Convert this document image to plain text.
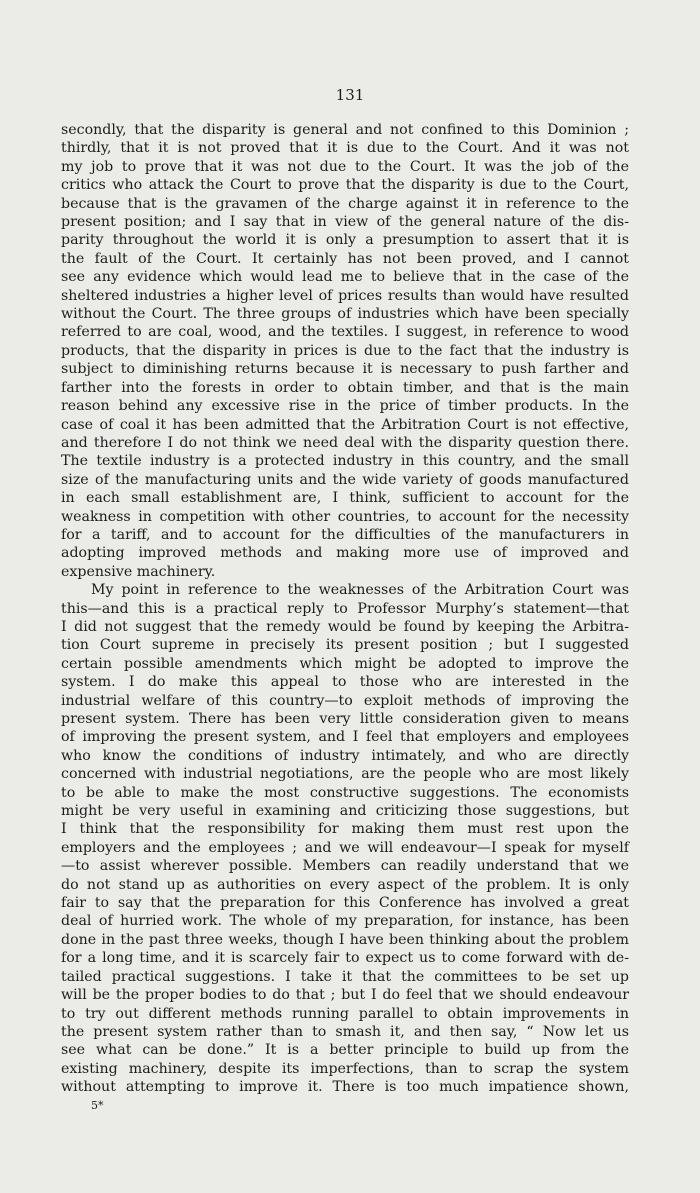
131

secondly, that the disparity is general and not confined to this Dominion ;
thirdly, that it is not proved that it is due to the Court. And it was not
my job to prove that it was not due to the Court. It was the job of the
critics who attack the Court to prove that the disparity is due to the Court,
because that is the gravamen of the charge against it in reference to the
present position; and I say that in view of the general nature of the dis-
parity throughout the world it is only a presumption to assert that it is
the fault of the Court. It certainly has not been proved, and I cannot
see any evidence which would lead me to believe that in the case of the
sheltered industries a higher level of prices results than would have resulted
without the Court. The three groups of industries which have been specially
referred to are coal, wood, and the textiles. I suggest, in reference to wood
products, that the disparity in prices is due to the fact that the industry is
subject to diminishing returns because it is necessary to push farther and
farther into the forests in order to obtain timber, and that is the main
reason behind any excessive rise in the price of timber products. In the
case of coal it has been admitted that the Arbitration Court is not effective,
and therefore I do not think we need deal with the disparity question there.
The textile industry is a protected industry in this country, and the small
size of the manufacturing units and the wide variety of goods manufactured
in each small establishment are, I think, sufficient to account for the
weakness in competition with other countries, to account for the necessity
for a tariff, and to account for the difficulties of the manufacturers in
adopting improved methods and making more use of improved and
expensive machinery.

My point in reference to the weaknesses of the Arbitration Court was
this—and this is a practical reply to Professor Murphy’s statement—that
I did not suggest that the remedy would be found by keeping the Arbitra-
tion Court supreme in precisely its present position ; but I suggested
certain possible amendments which might be adopted to improve the
system. I do make this appeal to those who are interested in the
industrial welfare of this country—to exploit methods of improving the
present system. There has been very little consideration given to means
of improving the present system, and I feel that employers and employees
who know the conditions of industry intimately, and who are directly
concerned with industrial negotiations, are the people who are most likely
to be able to make the most constructive suggestions. The economists
might be very useful in examining and criticizing those suggestions, but
I think that the responsibility for making them must rest upon the
employers and the employees ; and we will endeavour—I speak for myself
—to assist wherever possible. Members can readily understand that we
do not stand up as authorities on every aspect of the problem. It is only
fair to say that the preparation for this Conference has involved a great
deal of hurried work. The whole of my preparation, for instance, has been
done in the past three weeks, though I have been thinking about the problem
for a long time, and it is scarcely fair to expect us to come forward with de-
tailed practical suggestions. I take it that the committees to be set up
will be the proper bodies to do that ; but I do feel that we should endeavour
to try out different methods running parallel to obtain improvements in
the present system rather than to smash it, and then say, “ Now let us
see what can be done.” It is a better principle to build up from the
existing machinery, despite its imperfections, than to scrap the system
without attempting to improve it. There is too much impatience shown,

5*
